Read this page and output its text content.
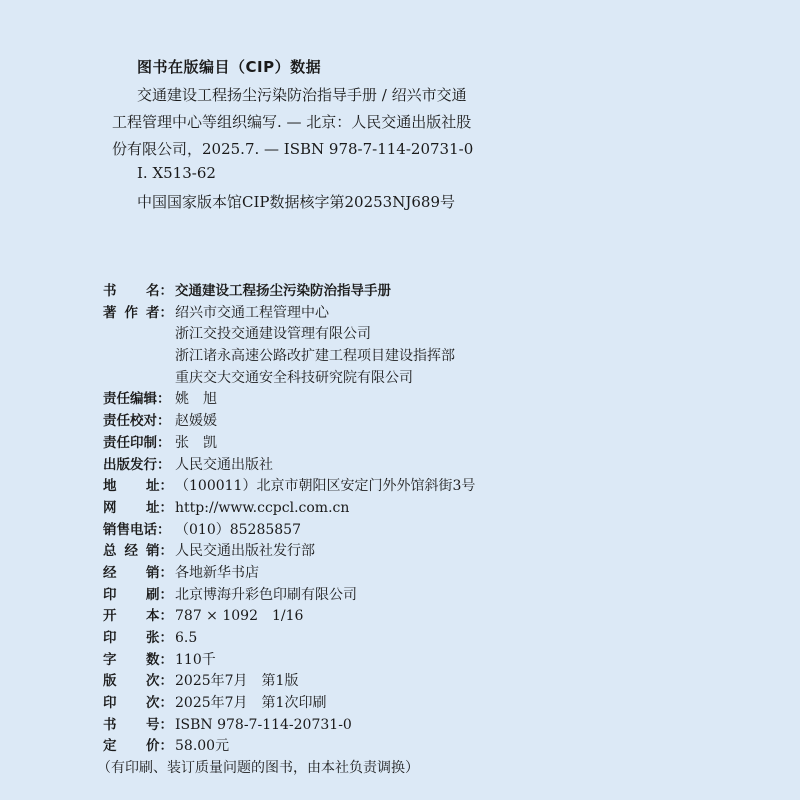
图书在版编目（CIP）数据
交通建设工程扬尘污染防治指导手册 / 绍兴市交通
工程管理中心等组织编写. — 北京：人民交通出版社股
份有限公司，2025.7. — ISBN 978-7-114-20731-0
Ⅰ. X513-62
中国国家版本馆CIP数据核字第20253NJ689号
书 名： 交通建设工程扬尘污染防治指导手册
著 作 者： 绍兴市交通工程管理中心
浙江交投交通建设管理有限公司
浙江诸永高速公路改扩建工程项目建设指挥部
重庆交大交通安全科技研究院有限公司
责任编辑： 姚　旭
责任校对： 赵媛媛
责任印制： 张　凯
出版发行： 人民交通出版社
地 址： （100011）北京市朝阳区安定门外外馆斜街3号
网 址： http://www.ccpcl.com.cn
销售电话： （010）85285857
总 经 销： 人民交通出版社发行部
经 销： 各地新华书店
印 刷： 北京博海升彩色印刷有限公司
开 本： 787 × 1092　1/16
印 张： 6.5
字 数： 110千
版 次： 2025年7月　第1版
印 次： 2025年7月　第1次印刷
书 号： ISBN 978-7-114-20731-0
定 价： 58.00元
（有印刷、装订质量问题的图书，由本社负责调换）
